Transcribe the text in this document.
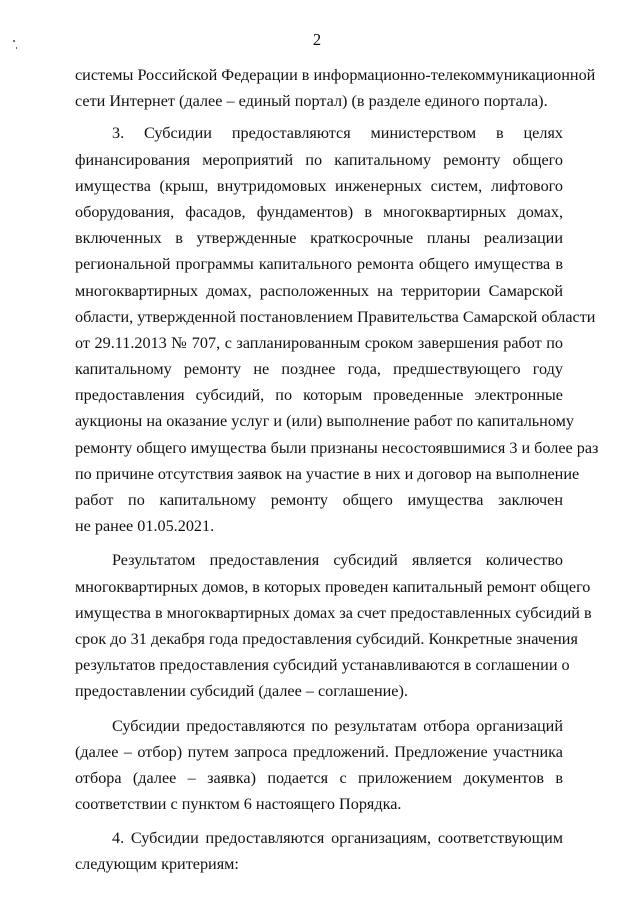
2
системы Российской Федерации в информационно-телекоммуникационной
сети Интернет (далее – единый портал) (в разделе единого портала).
3. Субсидии предоставляются министерством в целях
финансирования мероприятий по капитальному ремонту общего
имущества (крыш, внутридомовых инженерных систем, лифтового
оборудования, фасадов, фундаментов) в многоквартирных домах,
включенных в утвержденные краткосрочные планы реализации
региональной программы капитального ремонта общего имущества в
многоквартирных домах, расположенных на территории Самарской
области, утвержденной постановлением Правительства Самарской области
от 29.11.2013 № 707, с запланированным сроком завершения работ по
капитальному ремонту не позднее года, предшествующего году
предоставления субсидий, по которым проведенные электронные
аукционы на оказание услуг и (или) выполнение работ по капитальному
ремонту общего имущества были признаны несостоявшимися 3 и более раз
по причине отсутствия заявок на участие в них и договор на выполнение
работ по капитальному ремонту общего имущества заключен
не ранее 01.05.2021.
Результатом предоставления субсидий является количество
многоквартирных домов, в которых проведен капитальный ремонт общего
имущества в многоквартирных домах за счет предоставленных субсидий в
срок до 31 декабря года предоставления субсидий. Конкретные значения
результатов предоставления субсидий устанавливаются в соглашении о
предоставлении субсидий (далее – соглашение).
Субсидии предоставляются по результатам отбора организаций
(далее – отбор) путем запроса предложений. Предложение участника
отбора (далее – заявка) подается с приложением документов в
соответствии с пунктом 6 настоящего Порядка.
4. Субсидии предоставляются организациям, соответствующим
следующим критериям:
